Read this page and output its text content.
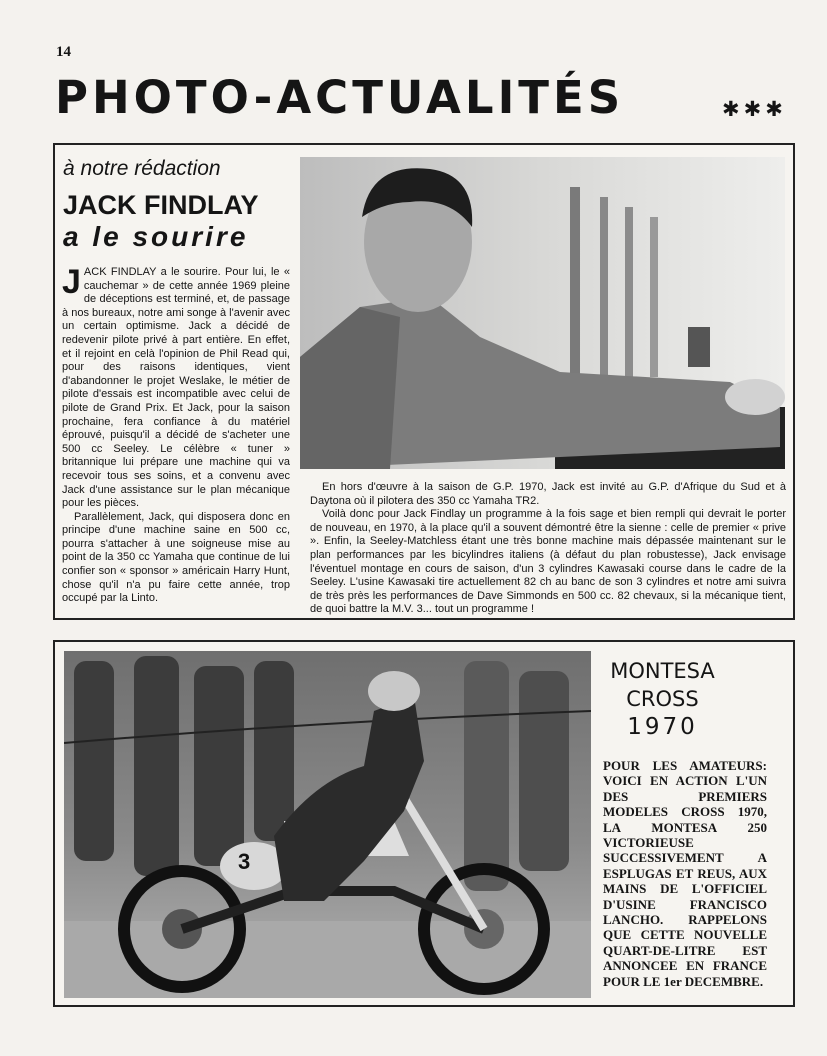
14
PHOTO-ACTUALITÉS	✱✱✱
à notre rédaction
JACK FINDLAY
a le sourire

JACK FINDLAY a le sourire. Pour lui, le « cauchemar » de cette année 1969 pleine de déceptions est terminé, et, de passage à nos bureaux, notre ami songe à l'avenir avec un certain optimisme. Jack a décidé de redevenir pilote privé à part entière. En effet, et il rejoint en celà l'opinion de Phil Read qui, pour des raisons identiques, vient d'abandonner le projet Weslake, le métier de pilote d'essais est incompatible avec celui de pilote de Grand Prix. Et Jack, pour la saison prochaine, fera confiance à du matériel éprouvé, puisqu'il a décidé de s'acheter une 500 cc Seeley. Le célèbre « tuner » britannique lui prépare une machine qui va recevoir tous ses soins, et a convenu avec Jack d'une assistance sur le plan mécanique pour les pièces.

Parallèlement, Jack, qui disposera donc en principe d'une machine saine en 500 cc, pourra s'attacher à une soigneuse mise au point de la 350 cc Yamaha que continue de lui confier son « sponsor » américain Harry Hunt, chose qu'il n'a pu faire cette année, trop occupé par la Linto.

En hors d'œuvre à la saison de G.P. 1970, Jack est invité au G.P. d'Afrique du Sud et à Daytona où il pilotera des 350 cc Yamaha TR2.

Voilà donc pour Jack Findlay un programme à la fois sage et bien rempli qui devrait le porter de nouveau, en 1970, à la place qu'il a souvent démontré être la sienne : celle de premier « prive ». Enfin, la Seeley-Matchless étant une très bonne machine mais dépassée maintenant sur le plan performances par les bicylindres italiens (à défaut du plan robustesse), Jack envisage l'éventuel montage en cours de saison, d'un 3 cylindres Kawasaki course dans le cadre de la Seeley. L'usine Kawasaki tire actuellement 82 ch au banc de son 3 cylindres et notre ami suivra de très près les performances de Dave Simmonds en 500 cc. 82 chevaux, si la mécanique tient, de quoi battre la M.V. 3... tout un programme !

3
MONTESA
CROSS
1970
POUR LES AMATEURS: VOICI EN ACTION L'UN DES PREMIERS MODELES CROSS 1970, LA MONTESA 250 VICTORIEUSE SUCCESSIVEMENT A ESPLUGAS ET REUS, AUX MAINS DE L'OFFICIEL D'USINE FRANCISCO LANCHO. RAPPELONS QUE CETTE NOUVELLE QUART-DE-LITRE EST ANNONCEE EN FRANCE POUR LE 1er DECEMBRE.
